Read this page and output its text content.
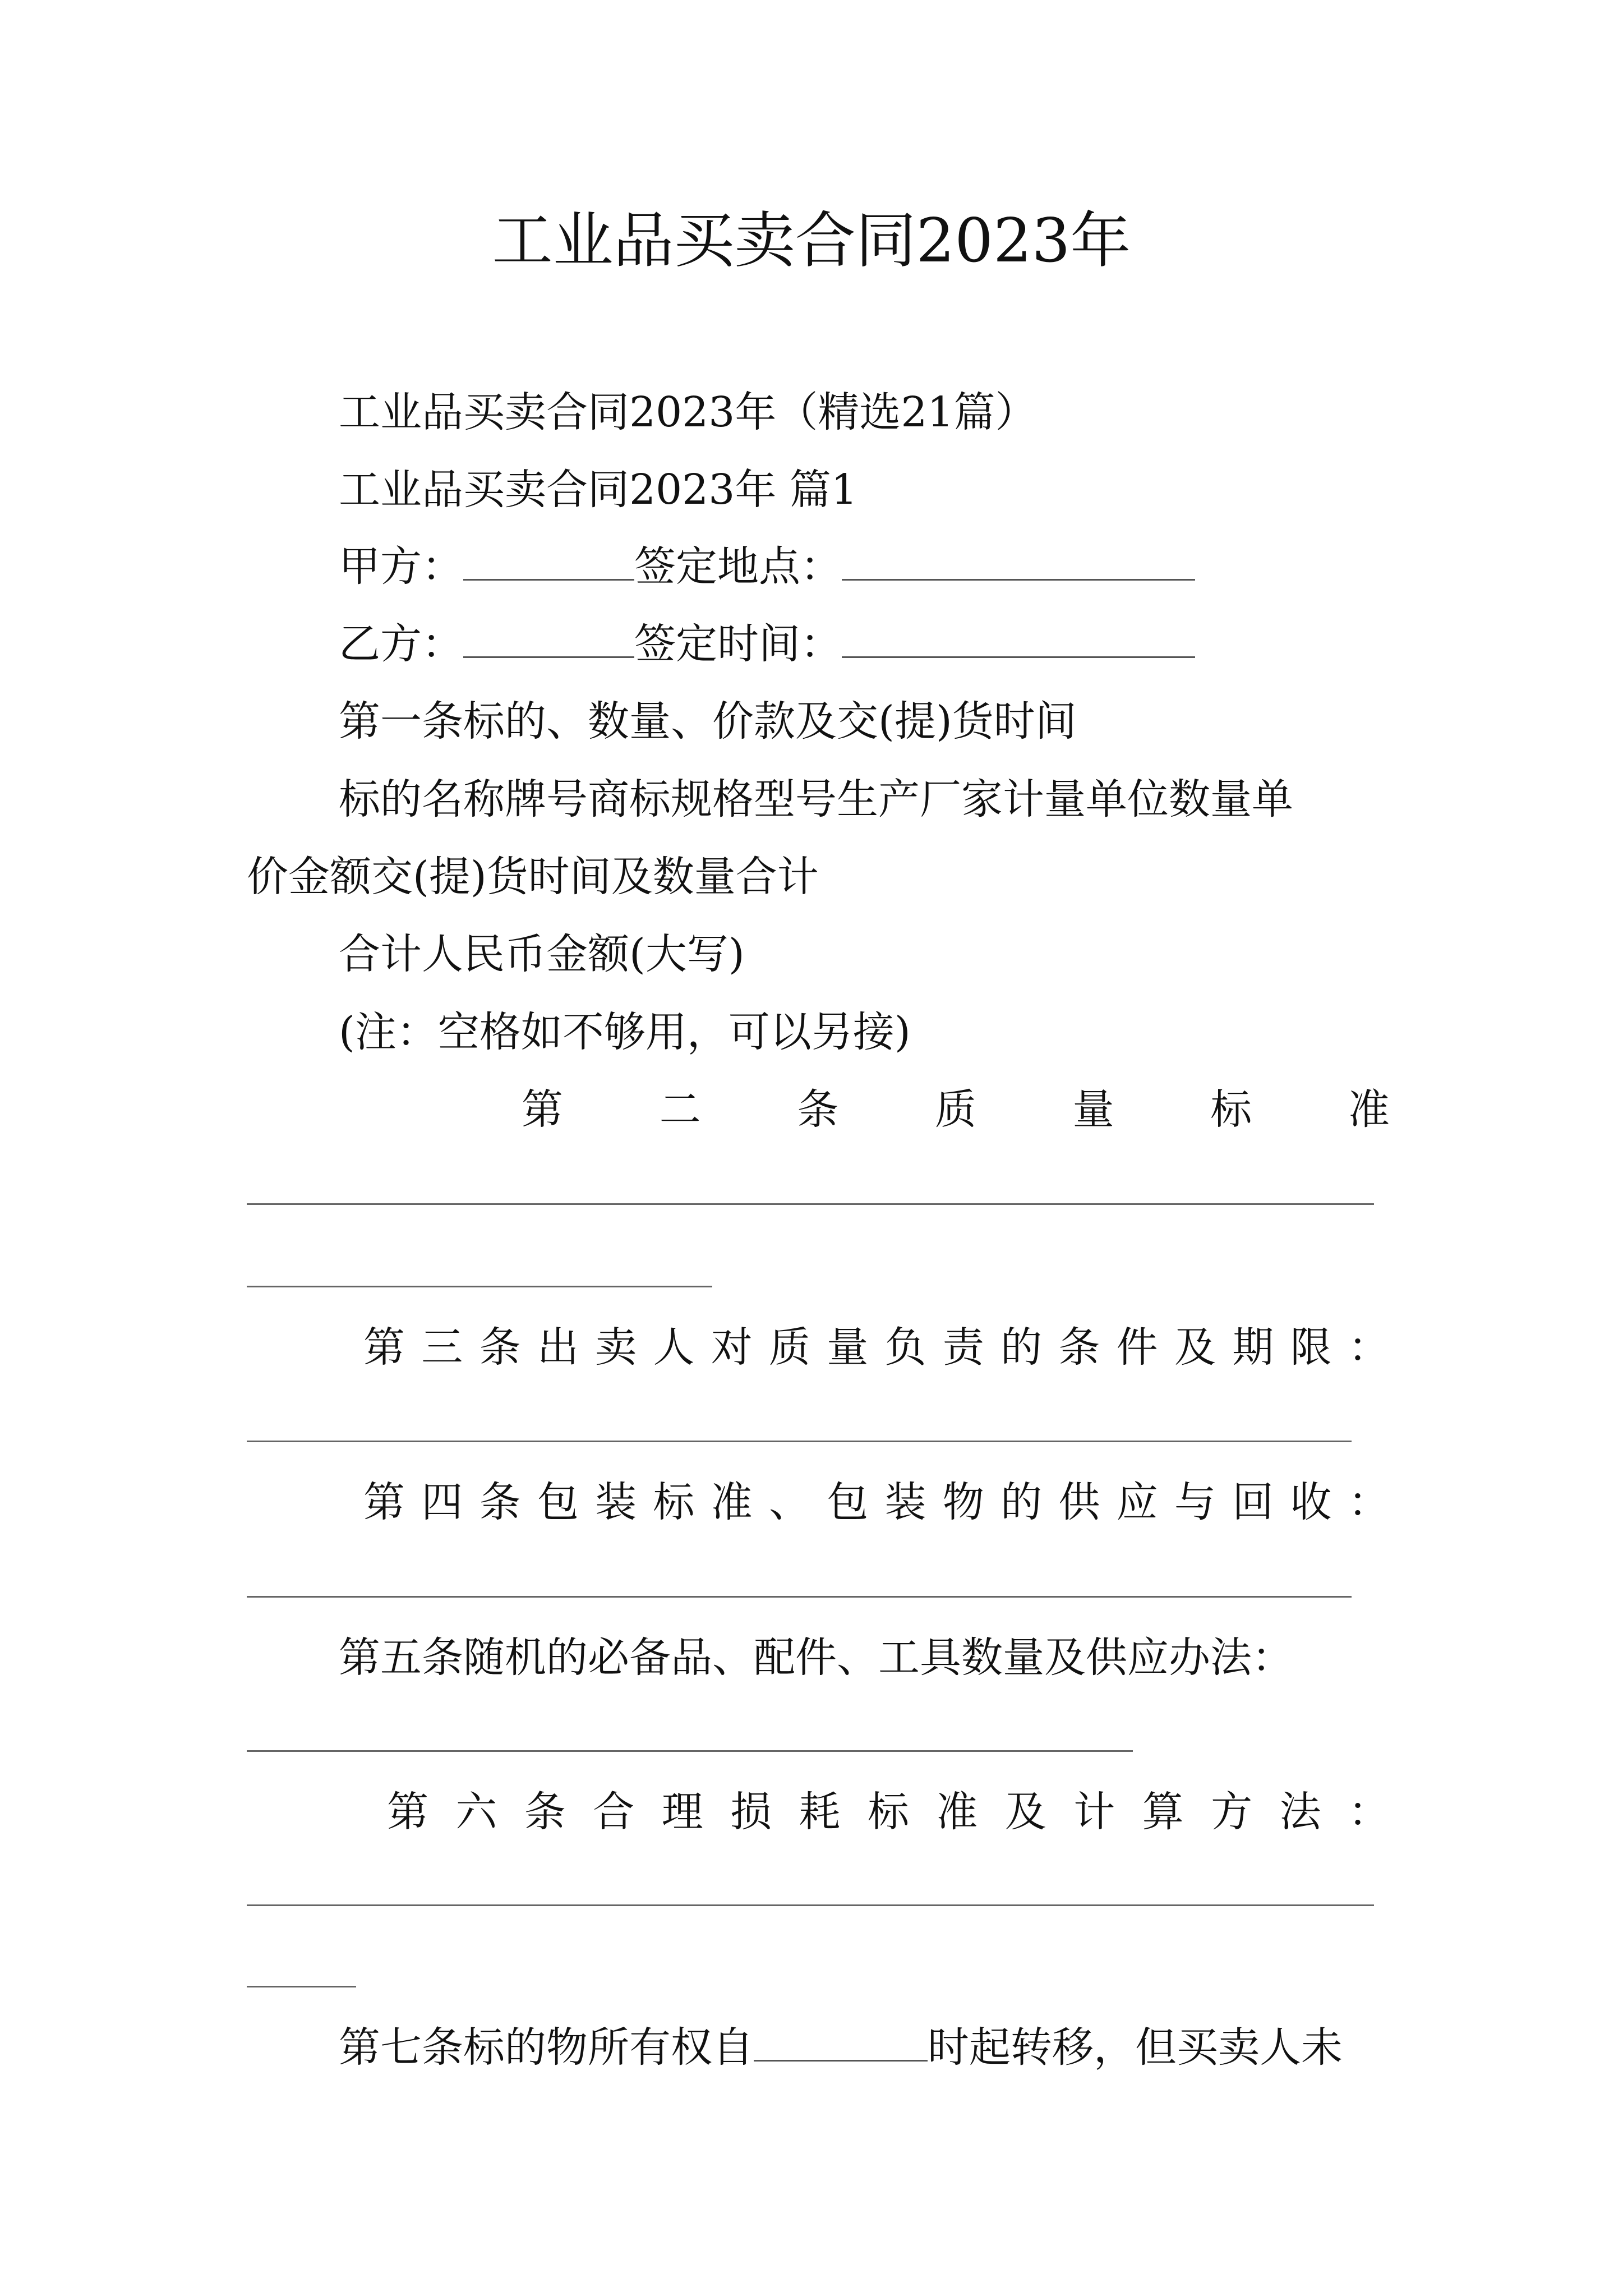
工业品买卖合同2023年
工业品买卖合同2023年（精选21篇）
工业品买卖合同2023年 篇1
甲方：	签定地点：
乙方：	签定时间：
第一条标的、数量、价款及交(提)货时间
标的名称牌号商标规格型号生产厂家计量单位数量单
价金额交(提)货时间及数量合计
合计人民币金额(大写)
(注：空格如不够用，可以另接)
第 二 条 质 量 标 准
第 三 条 出 卖 人 对 质 量 负 责 的 条 件 及 期 限 ：
第 四 条 包 装 标 准 、 包 装 物 的 供 应 与 回 收 ：
第五条随机的必备品、配件、工具数量及供应办法：
第 六 条 合 理 损 耗 标 准 及 计 算 方 法 ：
第七条标的物所有权自	时起转移，但买卖人未
